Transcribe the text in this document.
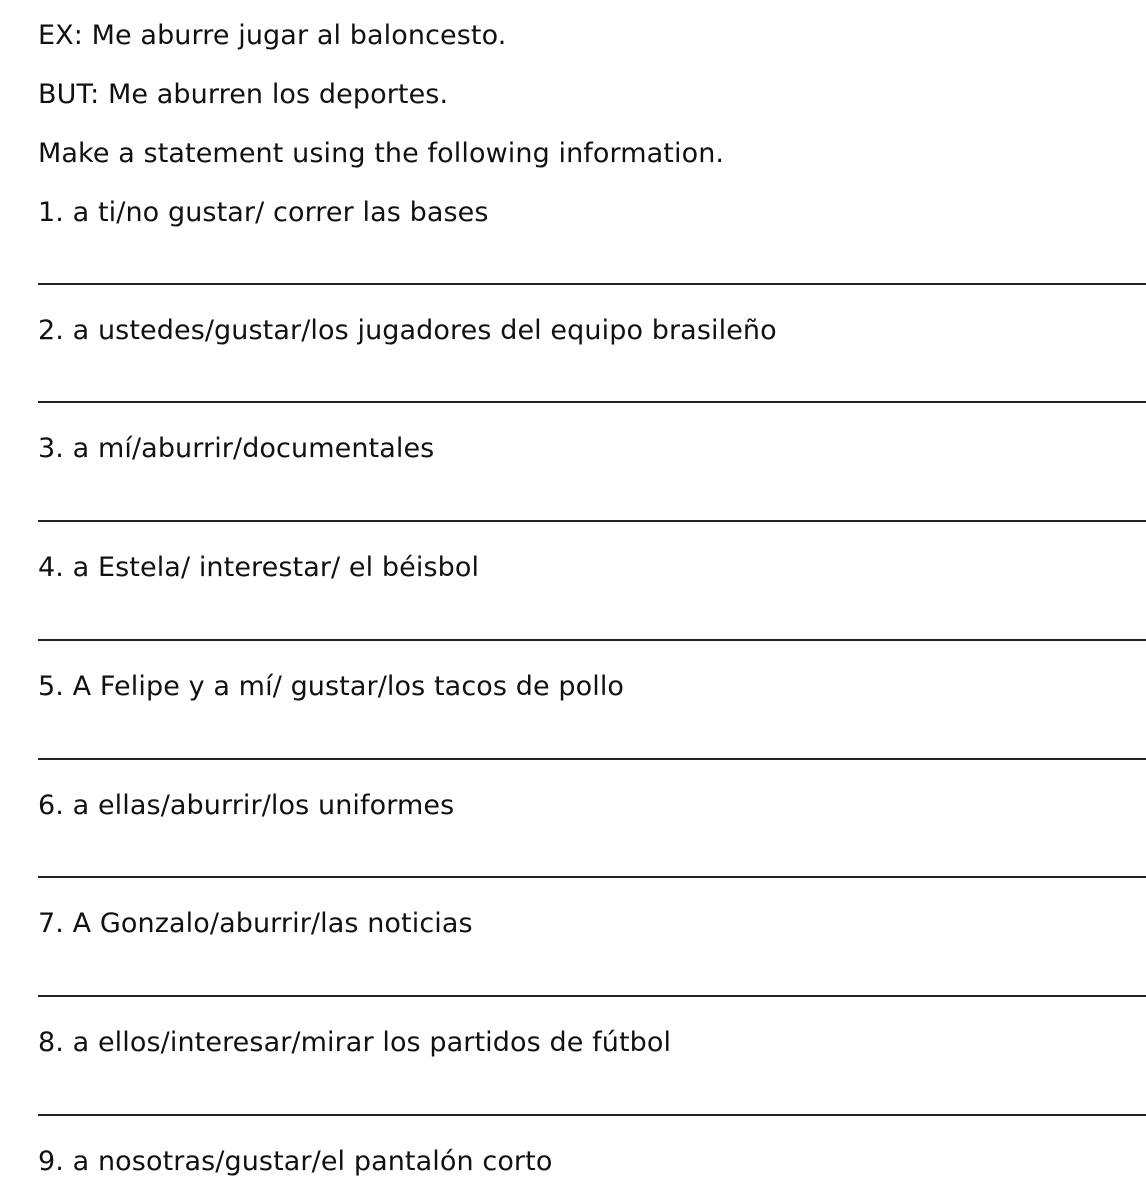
EX: Me aburre jugar al baloncesto.
BUT: Me aburren los deportes.
Make a statement using the following information.
1. a ti/no gustar/ correr las bases
2. a ustedes/gustar/los jugadores del equipo brasileño
3. a mí/aburrir/documentales
4. a Estela/ interestar/ el béisbol
5. A Felipe y a mí/ gustar/los tacos de pollo
6. a ellas/aburrir/los uniformes
7. A Gonzalo/aburrir/las noticias
8. a ellos/interesar/mirar los partidos de fútbol
9. a nosotras/gustar/el pantalón corto
